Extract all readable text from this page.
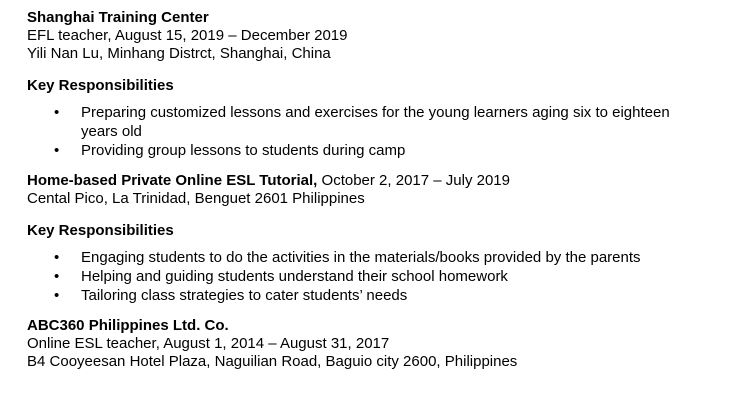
Shanghai Training Center
EFL teacher, August 15, 2019 – December 2019
Yili Nan Lu, Minhang Distrct, Shanghai, China
Key Responsibilities
• Preparing customized lessons and exercises for the young learners aging six to eighteen years old
• Providing group lessons to students during camp
Home-based Private Online ESL Tutorial, October 2, 2017 – July 2019
Cental Pico, La Trinidad, Benguet 2601 Philippines
Key Responsibilities
• Engaging students to do the activities in the materials/books provided by the parents
• Helping and guiding students understand their school homework
• Tailoring class strategies to cater students’ needs
ABC360 Philippines Ltd. Co.
Online ESL teacher, August 1, 2014 – August 31, 2017
B4 Cooyeesan Hotel Plaza, Naguilian Road, Baguio city 2600, Philippines
